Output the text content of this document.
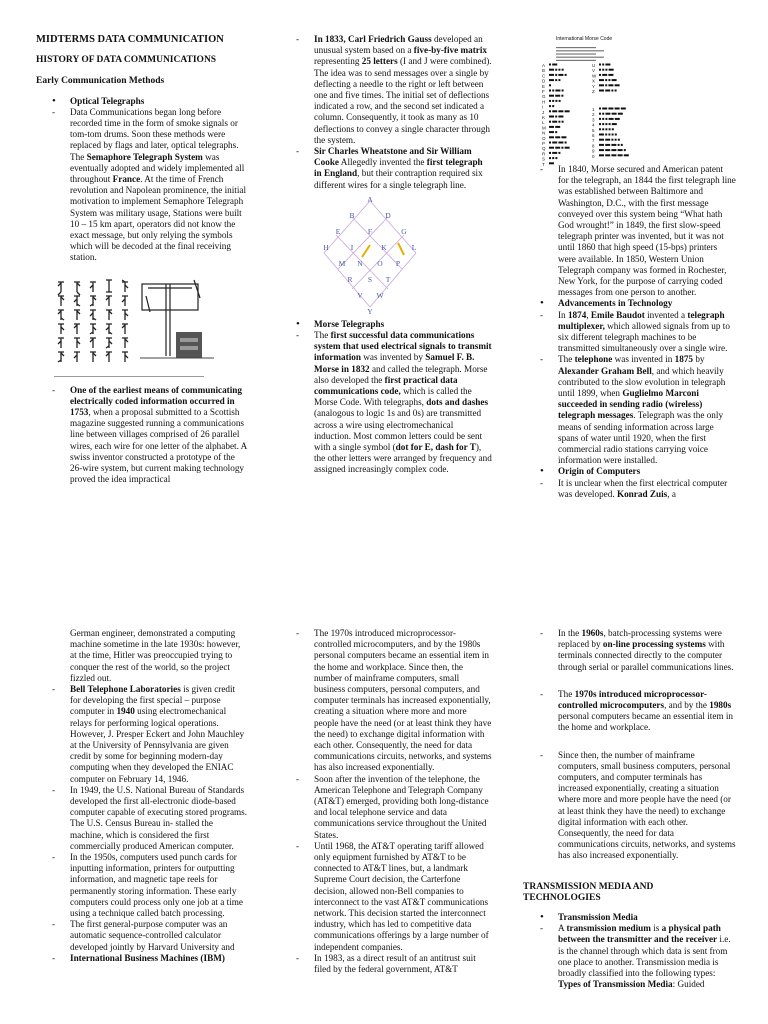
MIDTERMS DATA COMMUNICATION
HISTORY OF DATA COMMUNICATIONS
Early Communication Methods
•
Optical Telegraphs
-	Data Communications began long before recorded time in the form of smoke signals or tom-tom drums. Soon these methods were replaced by flags and later, optical telegraphs. The Semaphore Telegraph System was eventually adopted and widely implemented all throughout France. At the time of French revolution and Napolean prominence, the initial motivation to implement Semaphore Telegraph System was military usage, Stations were built 10 – 15 km apart, operators did not know the exact message, but only relying the symbols which will be decoded at the final receiving station.
-	One of the earliest means of communicating electrically coded information occurred in 1753, when a proposal submitted to a Scottish magazine suggested running a communications line between villages comprised of 26 parallel wires, each wire for one letter of the alphabet. A swiss inventor constructed a prototype of the 26-wire system, but current making technology proved the idea impractical
-	In 1833, Carl Friedrich Gauss developed an unusual system based on a five-by-five matrix representing 25 letters (I and J were combined). The idea was to send messages over a single by deflecting a needle to the right or left between one and five times. The initial set of deflections indicated a row, and the second set indicated a column. Consequently, it took as many as 10 deflections to convey a single character through the system.
-	Sir Charles Wheatstone and Sir William Cooke Allegedly invented the first telegraph in England, but their contraption required six different wires for a single telegraph line.
A
B	D
E	F	G
H	I	K	L
M N O P
R S T
V W
Y
•
Morse Telegraphs
-	The first successful data communications system that used electrical signals to transmit information was invented by Samuel F. B. Morse in 1832 and called the telegraph. Morse also developed the first practical data communications code, which is called the Morse Code. With telegraphs, dots and dashes (analogous to logic 1s and 0s) are transmitted across a wire using electromechanical induction. Most common letters could be sent with a single symbol (dot for E, dash for T), the other letters were arranged by frequency and assigned increasingly complex code.
International Morse Code
A
B
C
D
E
F
G
H
I
J
K
L
M
N
O
P
Q
R
S
T
U
V
W
X
Y
Z
1
2
3
4
5
6
7
8
9
0
-	In 1840, Morse secured and American patent for the telegraph, an 1844 the first telegraph line was established between Baltimore and Washington, D.C., with the first message conveyed over this system being “What hath God wrought!” in 1849, the first slow-speed telegraph printer was invented, but it was not until 1860 that high speed (15-bps) printers were available. In 1850, Western Union Telegraph company was formed in Rochester, New York, for the purpose of carrying coded messages from one person to another.
•
Advancements in Technology
-	In 1874, Emile Baudot invented a telegraph multiplexer, which allowed signals from up to six different telegraph machines to be transmitted simultaneously over a single wire.
-	The telephone was invented in 1875 by Alexander Graham Bell, and which heavily contributed to the slow evolution in telegraph until 1899, when Guglielmo Marconi succeeded in sending radio (wireless) telegraph messages. Telegraph was the only means of sending information across large spans of water until 1920, when the first commercial radio stations carrying voice information were installed.
•
Origin of Computers
-	It is unclear when the first electrical computer was developed. Konrad Zuis, a

German engineer, demonstrated a computing machine sometime in the late 1930s: however, at the time, Hitler was preoccupied trying to conquer the rest of the world, so the project fizzled out.

-	Bell Telephone Laboratories is given credit for developing the first special – purpose computer in 1940 using electromechanical relays for performing logical operations. However, J. Presper Eckert and John Mauchley at the University of Pennsylvania are given credit by some for beginning modern-day computing when they developed the ENIAC computer on February 14, 1946.
-	In 1949, the U.S. National Bureau of Standards developed the first all-electronic diode-based computer capable of executing stored programs. The U.S. Census Bureau in- stalled the machine, which is considered the first commercially produced American computer.
-	In the 1950s, computers used punch cards for inputting information, printers for outputting information, and magnetic tape reels for permanently storing information. These early computers could process only one job at a time using a technique called batch processing.
-	The first general-purpose computer was an automatic sequence-controlled calculator developed jointly by Harvard University and
-	International Business Machines (IBM)
-	The 1970s introduced microprocessor-controlled microcomputers, and by the 1980s personal computers became an essential item in the home and workplace. Since then, the number of mainframe computers, small business computers, personal computers, and computer terminals has increased exponentially, creating a situation where more and more people have the need (or at least think they have the need) to exchange digital information with each other. Consequently, the need for data communications circuits, networks, and systems has also increased exponentially.
-	Soon after the invention of the telephone, the American Telephone and Telegraph Company (AT&T) emerged, providing both long-distance and local telephone service and data communications service throughout the United States.
-	Until 1968, the AT&T operating tariff allowed only equipment furnished by AT&T to be connected to AT&T lines, but, a landmark Supreme Court decision, the Carterfone decision, allowed non-Bell companies to interconnect to the vast AT&T communications network. This decision started the interconnect industry, which has led to competitive data communications offerings by a large number of independent companies.
-	In 1983, as a direct result of an antitrust suit filed by the federal government, AT&T
-	In the 1960s, batch-processing systems were replaced by on-line processing systems with terminals connected directly to the computer through serial or parallel communications lines.
-	The 1970s introduced microprocessor-controlled microcomputers, and by the 1980s personal computers became an essential item in the home and workplace.
-	Since then, the number of mainframe computers, small business computers, personal computers, and computer terminals has increased exponentially, creating a situation where more and more people have the need (or at least think they have the need) to exchange digital information with each other. Consequently, the need for data communications circuits, networks, and systems has also increased exponentially.
TRANSMISSION MEDIA AND TECHNOLOGIES
•
Transmission Media
-	A transmission medium is a physical path between the transmitter and the receiver i.e. is the channel through which data is sent from one place to another. Transmission media is broadly classified into the following types:

Types of Transmission Media: Guided
